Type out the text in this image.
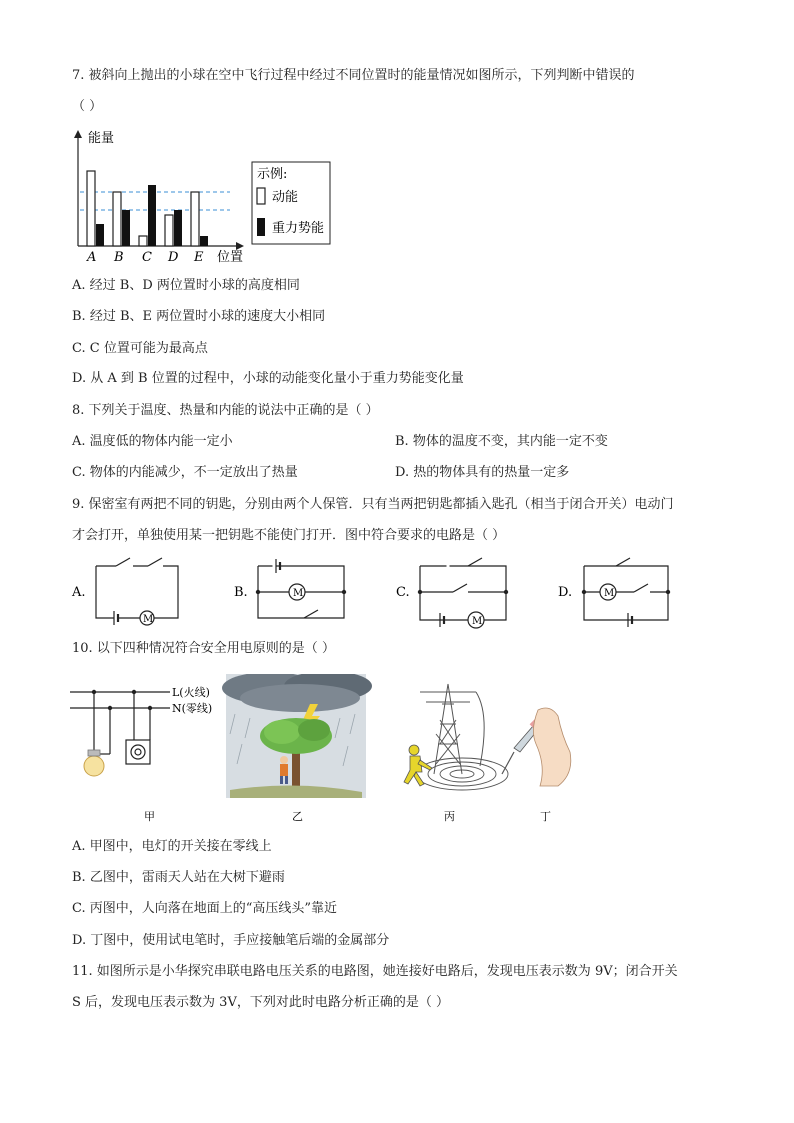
7. 被斜向上抛出的小球在空中飞行过程中经过不同位置时的能量情况如图所示，下列判断中错误的
（ ）
能量
位置
A B C D E
示例:
动能
重力势能
A. 经过 B、D 两位置时小球的高度相同
B. 经过 B、E 两位置时小球的速度大小相同
C. C 位置可能为最高点
D. 从 A 到 B 位置的过程中，小球的动能变化量小于重力势能变化量
8. 下列关于温度、热量和内能的说法中正确的是（ ）
A. 温度低的物体内能一定小	B. 物体的温度不变，其内能一定不变
C. 物体的内能减少，不一定放出了热量	D. 热的物体具有的热量一定多
9. 保密室有两把不同的钥匙，分别由两个人保管．只有当两把钥匙都插入匙孔（相当于闭合开关）电动门
才会打开，单独使用某一把钥匙不能使门打开．图中符合要求的电路是（ ）
A.
M
B.	M	C.
M
D.	M
10. 以下四种情况符合安全用电原则的是（ ）
L(火线)
N(零线)
甲	乙	丙	丁
A. 甲图中，电灯的开关接在零线上
B. 乙图中，雷雨天人站在大树下避雨
C. 丙图中，人向落在地面上的“高压线头”靠近
D. 丁图中，使用试电笔时，手应接触笔后端的金属部分
11. 如图所示是小华探究串联电路电压关系的电路图，她连接好电路后，发现电压表示数为 9V；闭合开关
S 后，发现电压表示数为 3V，下列对此时电路分析正确的是（ ）
